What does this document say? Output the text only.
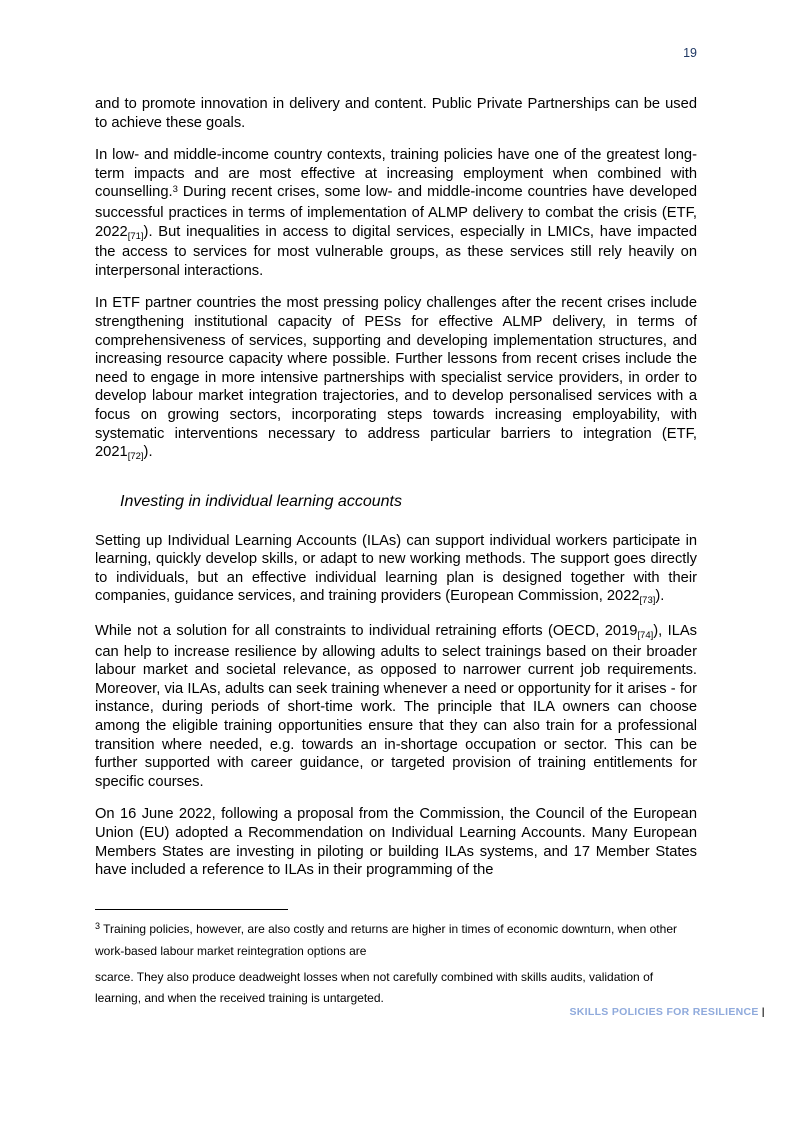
19

and to promote innovation in delivery and content. Public Private Partnerships can be used to achieve these goals.

In low- and middle-income country contexts, training policies have one of the greatest long-term impacts and are most effective at increasing employment when combined with counselling.$^3$ During recent crises, some low- and middle-income countries have developed successful practices in terms of implementation of ALMP delivery to combat the crisis (ETF, $2022_{[71]}$). But inequalities in access to digital services, especially in LMICs, have impacted the access to services for most vulnerable groups, as these services still rely heavily on interpersonal interactions.

In ETF partner countries the most pressing policy challenges after the recent crises include strengthening institutional capacity of PESs for effective ALMP delivery, in terms of comprehensiveness of services, supporting and developing implementation structures, and increasing resource capacity where possible. Further lessons from recent crises include the need to engage in more intensive partnerships with specialist service providers, in order to develop labour market integration trajectories, and to develop personalised services with a focus on growing sectors, incorporating steps towards increasing employability, with systematic interventions necessary to address particular barriers to integration (ETF, $2021_{[72]}$).

Investing in individual learning accounts

Setting up Individual Learning Accounts (ILAs) can support individual workers participate in learning, quickly develop skills, or adapt to new working methods. The support goes directly to individuals, but an effective individual learning plan is designed together with their companies, guidance services, and training providers (European Commission, $2022_{[73]}$).

While not a solution for all constraints to individual retraining efforts (OECD, $2019_{[74]}$), ILAs can help to increase resilience by allowing adults to select trainings based on their broader labour market and societal relevance, as opposed to narrower current job requirements. Moreover, via ILAs, adults can seek training whenever a need or opportunity for it arises - for instance, during periods of short-time work. The principle that ILA owners can choose among the eligible training opportunities ensure that they can also train for a professional transition where needed, e.g. towards an in-shortage occupation or sector. This can be further supported with career guidance, or targeted provision of training entitlements for specific courses.

On 16 June 2022, following a proposal from the Commission, the Council of the European Union (EU) adopted a Recommendation on Individual Learning Accounts. Many European Members States are investing in piloting or building ILAs systems, and 17 Member States have included a reference to ILAs in their programming of the

$^3$ Training policies, however, are also costly and returns are higher in times of economic downturn, when other work-based labour market reintegration options are

scarce. They also produce deadweight losses when not carefully combined with skills audits, validation of learning, and when the received training is untargeted.

SKILLS POLICIES FOR RESILIENCE |
